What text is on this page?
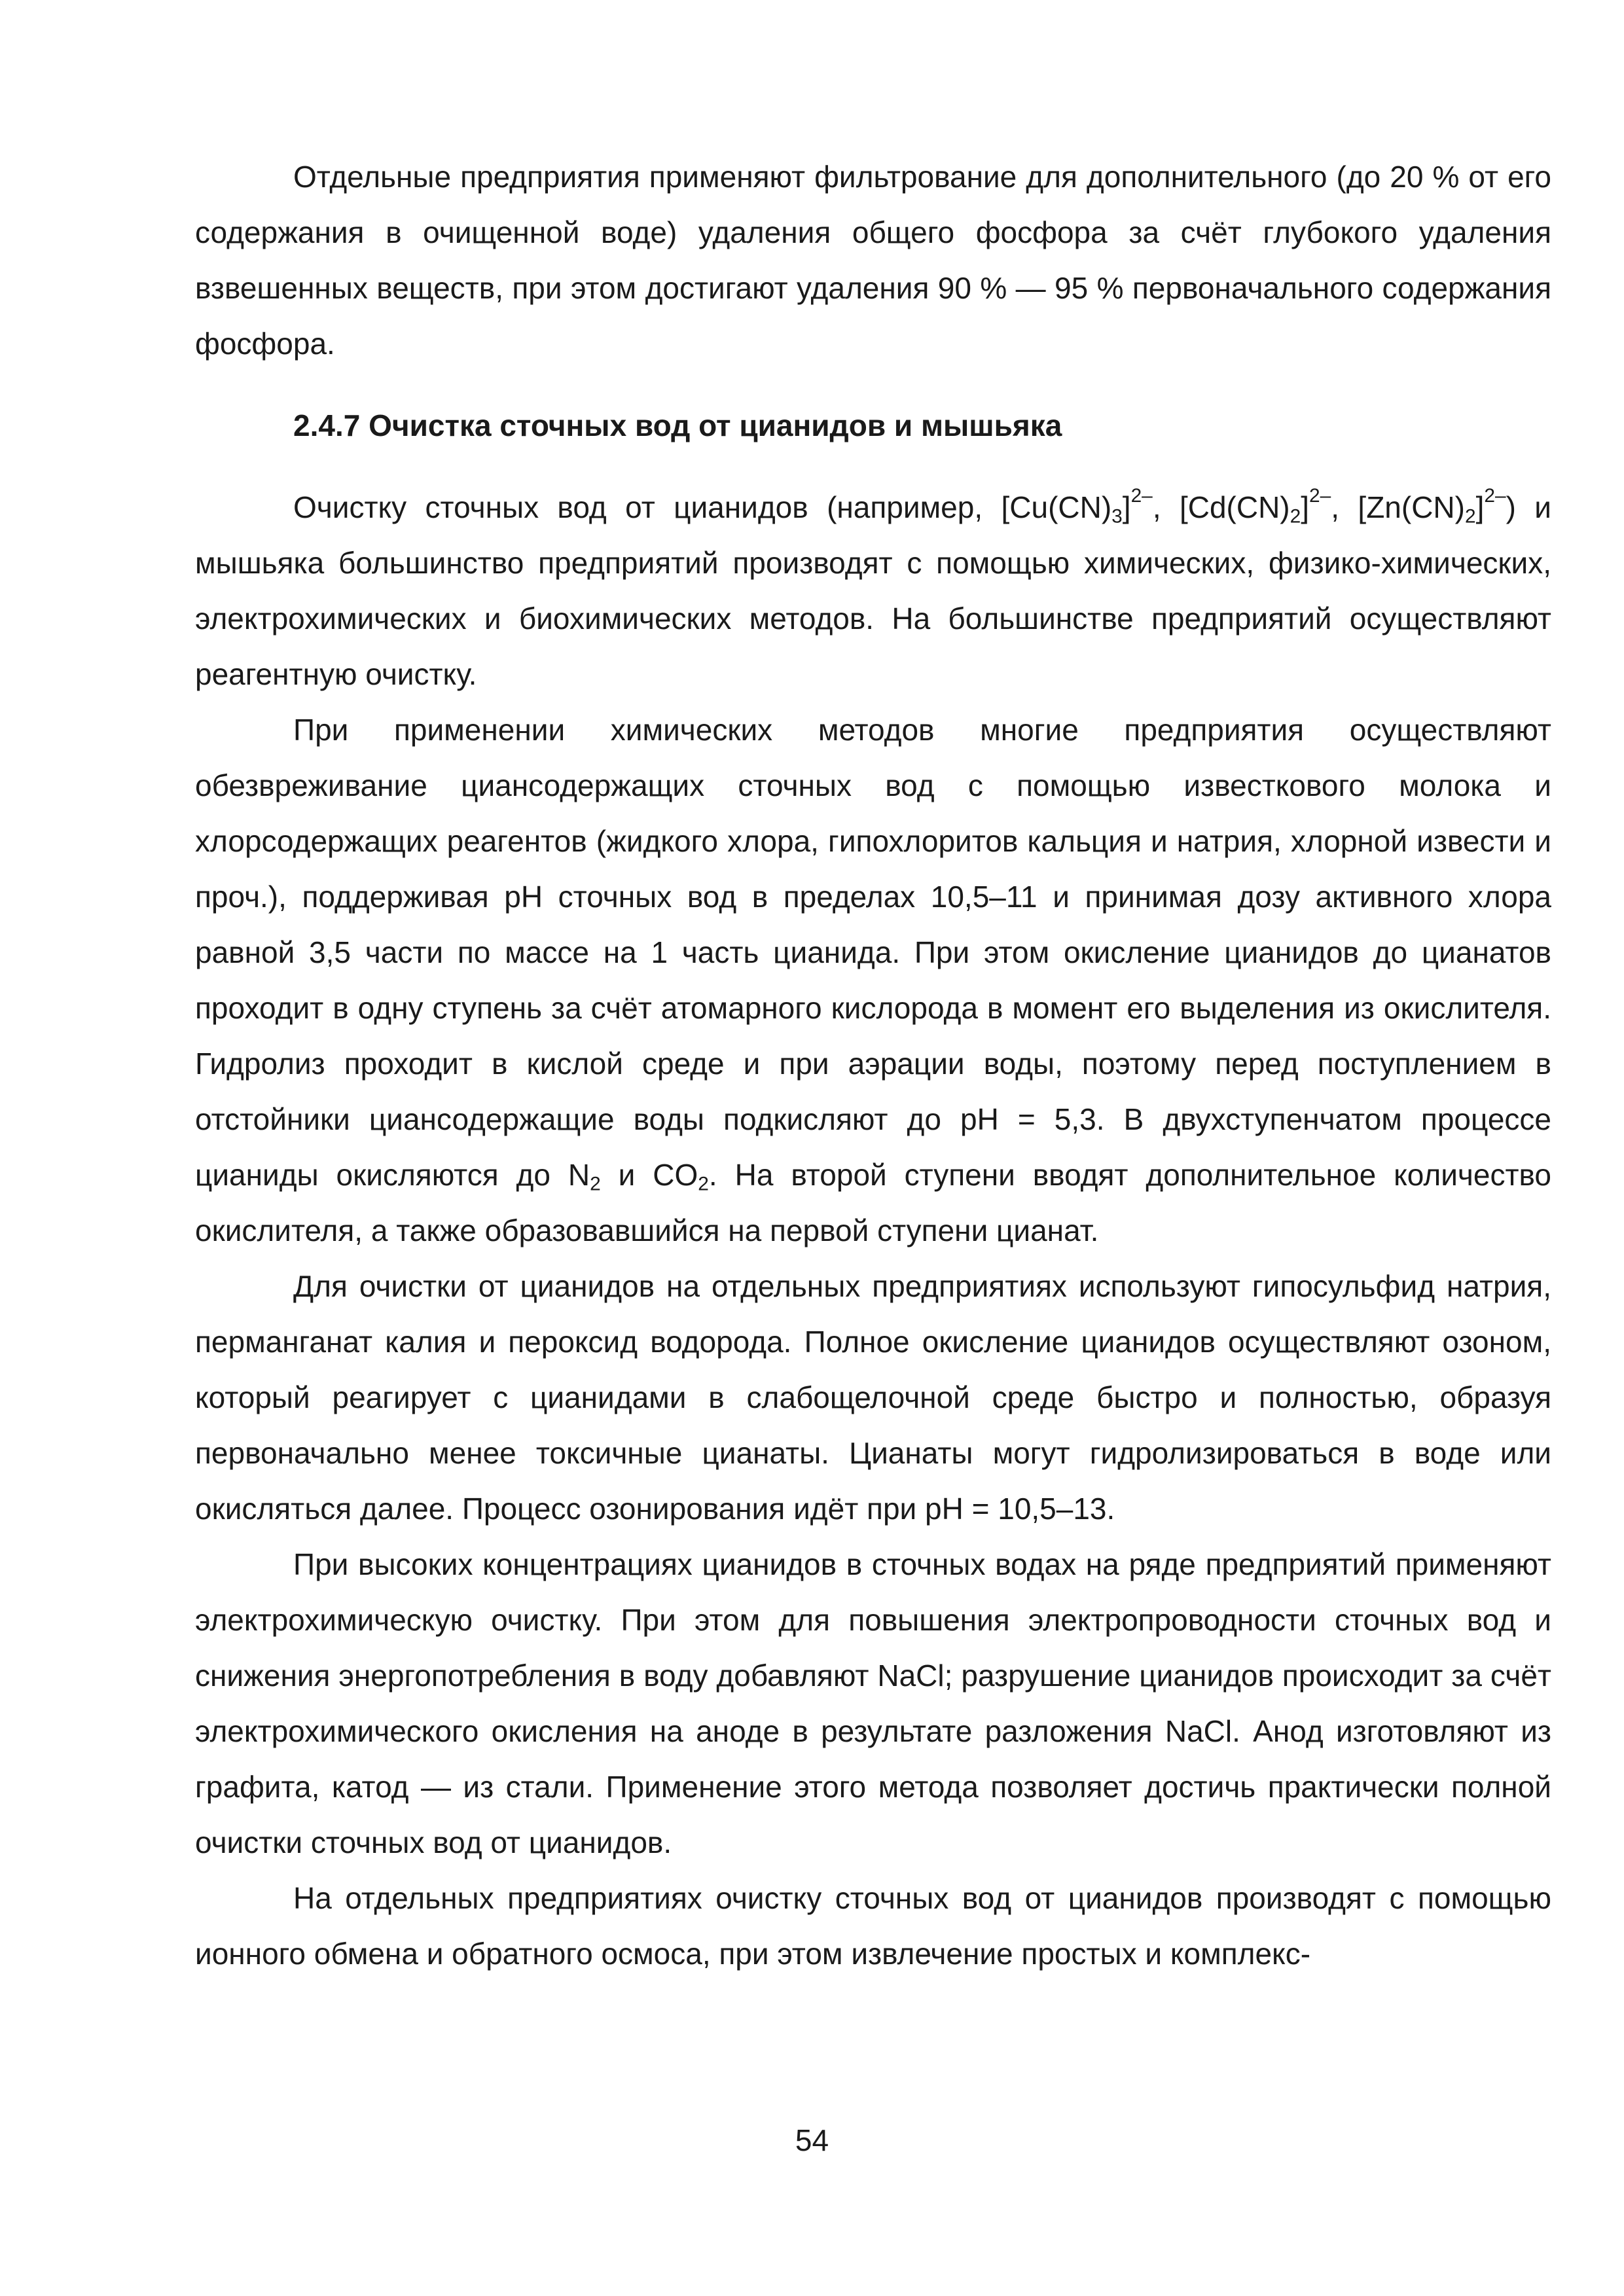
Отдельные предприятия применяют фильтрование для дополнительного (до 20 % от его содержания в очищенной воде) удаления общего фосфора за счёт глубокого удаления взвешенных веществ, при этом достигают удаления 90 % — 95 % первоначального содержания фосфора.

2.4.7 Очистка сточных вод от цианидов и мышьяка

Очистку сточных вод от цианидов (например, $[Cu(CN)_3]^{2-}$, $[Cd(CN)_2]^{2-}$, $[Zn(CN)_2]^{2-}$) и мышьяка большинство предприятий производят с помощью химических, физико-химических, электрохимических и биохимических методов. На большинстве предприятий осуществляют реагентную очистку.

При применении химических методов многие предприятия осуществляют обезвреживание циансодержащих сточных вод с помощью известкового молока и хлорсодержащих реагентов (жидкого хлора, гипохлоритов кальция и натрия, хлорной извести и проч.), поддерживая pH сточных вод в пределах 10,5–11 и принимая дозу активного хлора равной 3,5 части по массе на 1 часть цианида. При этом окисление цианидов до цианатов проходит в одну ступень за счёт атомарного кислорода в момент его выделения из окислителя. Гидролиз проходит в кислой среде и при аэрации воды, поэтому перед поступлением в отстойники циансодержащие воды подкисляют до pH = 5,3. В двухступенчатом процессе цианиды окисляются до $N_2$ и $CO_2$. На второй ступени вводят дополнительное количество окислителя, а также образовавшийся на первой ступени цианат.

Для очистки от цианидов на отдельных предприятиях используют гипосульфид натрия, перманганат калия и пероксид водорода. Полное окисление цианидов осуществляют озоном, который реагирует с цианидами в слабощелочной среде быстро и полностью, образуя первоначально менее токсичные цианаты. Цианаты могут гидролизироваться в воде или окисляться далее. Процесс озонирования идёт при pH = 10,5–13.

При высоких концентрациях цианидов в сточных водах на ряде предприятий применяют электрохимическую очистку. При этом для повышения электропроводности сточных вод и снижения энергопотребления в воду добавляют NaCl; разрушение цианидов происходит за счёт электрохимического окисления на аноде в результате разложения NaCl. Анод изготовляют из графита, катод — из стали. Применение этого метода позволяет достичь практически полной очистки сточных вод от цианидов.

На отдельных предприятиях очистку сточных вод от цианидов производят с помощью ионного обмена и обратного осмоса, при этом извлечение простых и комплекс-

54
